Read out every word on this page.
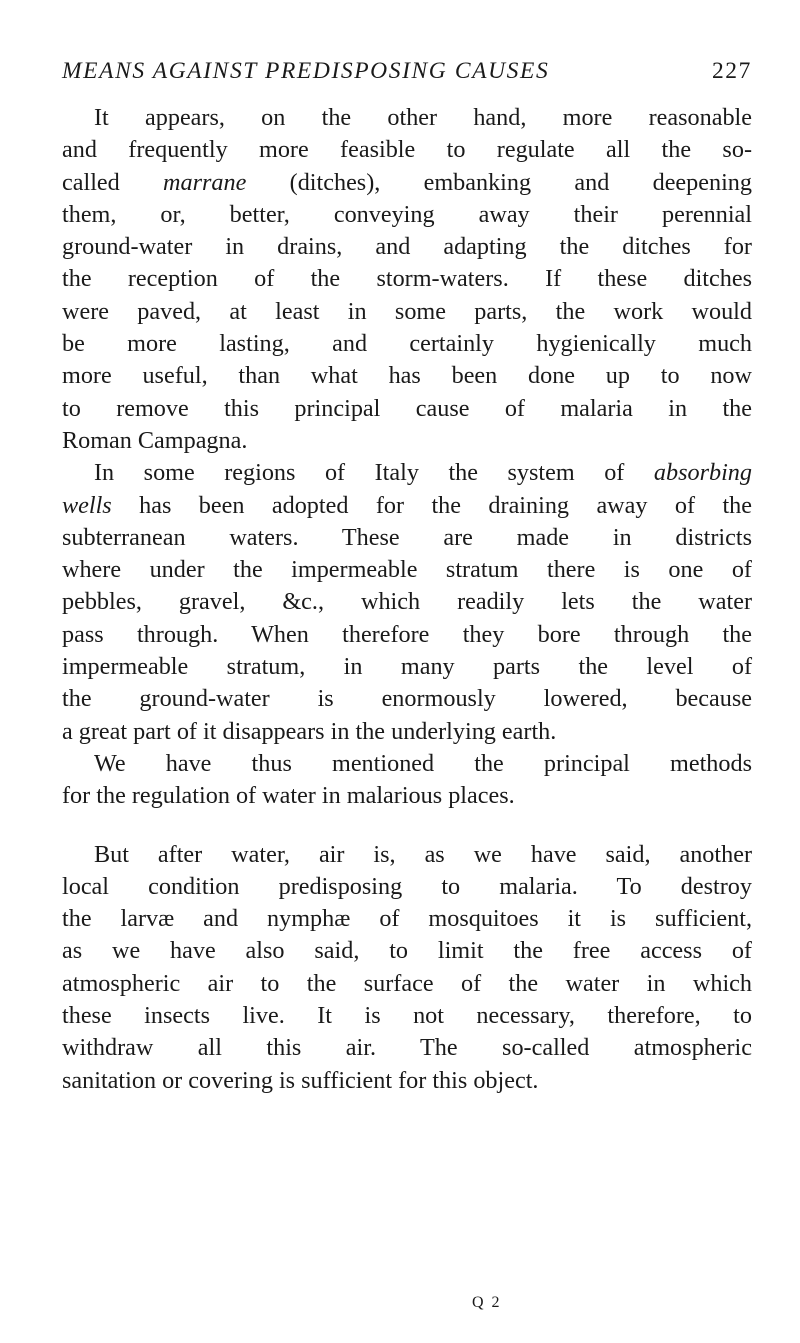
MEANS AGAINST PREDISPOSING CAUSES	227

It appears, on the other hand, more reasonable
and frequently more feasible to regulate all the so-
called marrane (ditches), embanking and deepening
them, or, better, conveying away their perennial
ground-water in drains, and adapting the ditches for
the reception of the storm-waters. If these ditches
were paved, at least in some parts, the work would
be more lasting, and certainly hygienically much
more useful, than what has been done up to now
to remove this principal cause of malaria in the
Roman Campagna.

In some regions of Italy the system of absorbing
wells has been adopted for the draining away of the
subterranean waters. These are made in districts
where under the impermeable stratum there is one of
pebbles, gravel, &c., which readily lets the water
pass through. When therefore they bore through the
impermeable stratum, in many parts the level of
the ground-water is enormously lowered, because
a great part of it disappears in the underlying earth.

We have thus mentioned the principal methods
for the regulation of water in malarious places.

But after water, air is, as we have said, another
local condition predisposing to malaria. To destroy
the larvæ and nymphæ of mosquitoes it is sufficient,
as we have also said, to limit the free access of
atmospheric air to the surface of the water in which
these insects live. It is not necessary, therefore, to
withdraw all this air. The so-called atmospheric
sanitation or covering is sufficient for this object.

Q 2
